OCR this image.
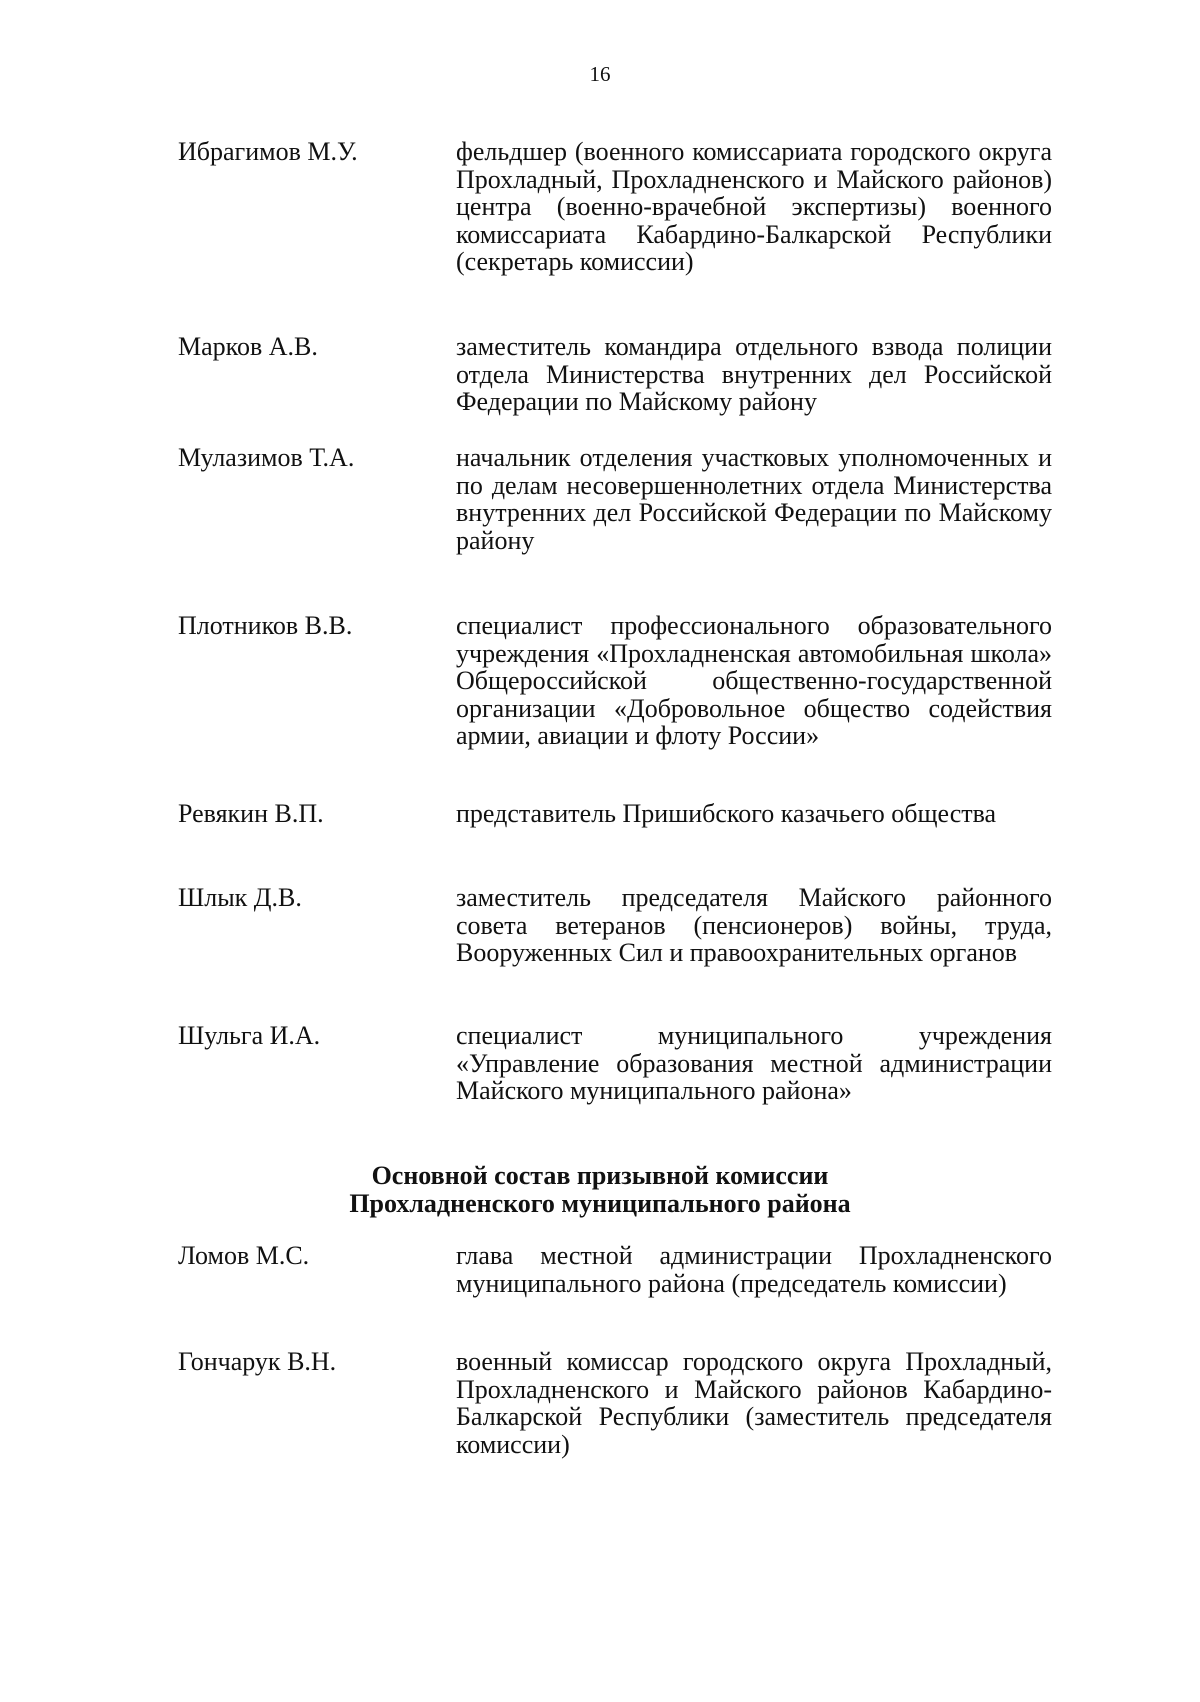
16
Ибрагимов М.У.	фельдшер (военного комиссариата городского округа Прохладный, Прохладненского и Майского районов) центра (военно-врачебной экспертизы) военного комиссариата Кабардино-Балкарской Республики (секретарь комиссии)
Марков А.В.	заместитель командира отдельного взвода полиции отдела Министерства внутренних дел Российской Федерации по Майскому району
Мулазимов Т.А.	начальник отделения участковых уполномоченных и по делам несовершеннолетних отдела Министерства внутренних дел Российской Федерации по Майскому району
Плотников В.В.	специалист профессионального образовательного учреждения «Прохладненская автомобильная школа» Общероссийской общественно-государственной организации «Добровольное общество содействия армии, авиации и флоту России»
Ревякин В.П.	представитель Пришибского казачьего общества
Шлык Д.В.	заместитель председателя Майского районного совета ветеранов (пенсионеров) войны, труда, Вооруженных Сил и правоохранительных органов
Шульга И.А.	специалист муниципального учреждения «Управление образования местной администрации Майского муниципального района»
Основной состав призывной комиссии
Прохладненского муниципального района
Ломов М.С.	глава местной администрации Прохладненского муниципального района (председатель комиссии)
Гончарук В.Н.	военный комиссар городского округа Прохладный, Прохладненского и Майского районов Кабардино-Балкарской Республики (заместитель председателя комиссии)
